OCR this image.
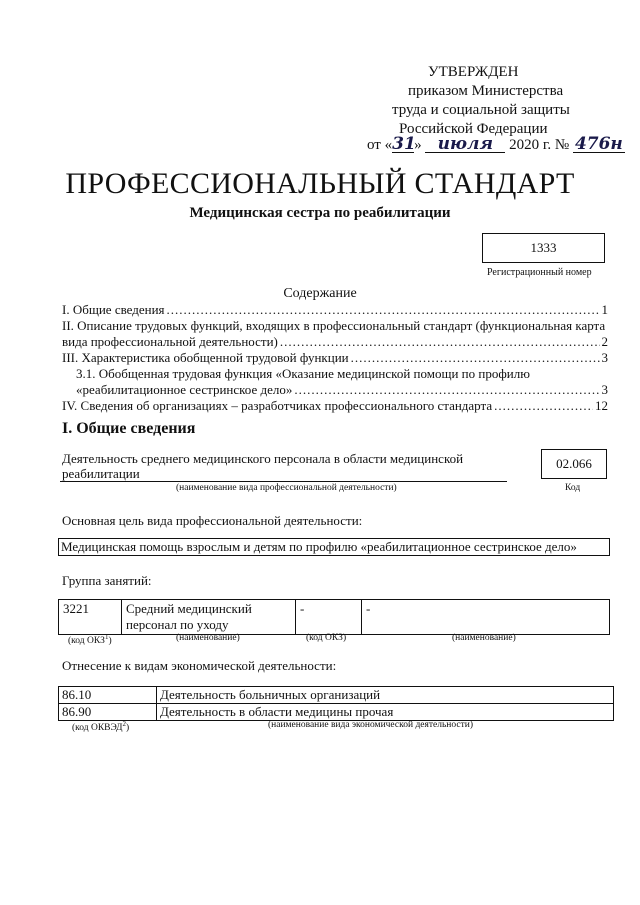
УТВЕРЖДЕН
приказом Министерства
труда и социальной защиты
Российской Федерации
от «31» июля 2020 г. № 476н
ПРОФЕССИОНАЛЬНЫЙ СТАНДАРТ
Медицинская сестра по реабилитации
1333
Регистрационный номер
Содержание
I. Общие сведения .....	1
II. Описание трудовых функций, входящих в профессиональный стандарт (функциональная карта
вида профессиональной деятельности) .....	2
III. Характеристика обобщенной трудовой функции .....	3
3.1. Обобщенная трудовая функция «Оказание медицинской помощи по профилю
«реабилитационное сестринское дело» .....	3
IV. Сведения об организациях – разработчиках профессионального стандарта .....	12
I. Общие сведения
Деятельность среднего медицинского персонала в области медицинской
реабилитации
(наименование вида профессиональной деятельности)
02.066
Код
Основная цель вида профессиональной деятельности:
Медицинская помощь взрослым и детям по профилю «реабилитационное сестринское дело»
Группа занятий:
3221	Средний медицинский
персонал по уходу
	-	-
(код ОКЗ$^1$)	(наименование)	(код ОКЗ)	(наименование)
Отнесение к видам экономической деятельности:
86.10	Деятельность больничных организаций
86.90	Деятельность в области медицины прочая
(код ОКВЭД$^2$)	(наименование вида экономической деятельности)
